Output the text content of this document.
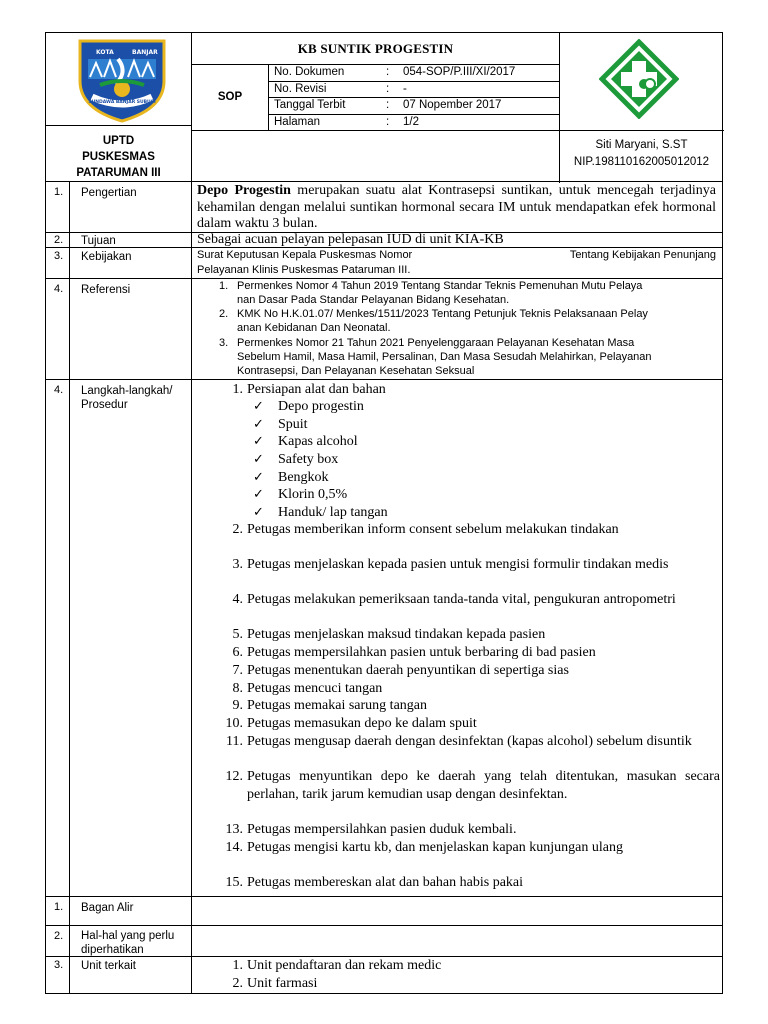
KOTA	BANJAR
SUNDAWA BANJAR SUBUSI
UPTD
PUSKESMAS
PATARUMAN III
KB SUNTIK PROGESTIN
SOP
No. Dokumen	: 054-SOP/P.III/XI/2017
No. Revisi	: -
Tanggal Terbit	: 07 Nopember 2017
Halaman	: 1/2
Siti Maryani, S.ST
NIP.198110162005012012
1. Pengertian	Depo Progestin merupakan suatu alat Kontrasepsi suntikan, untuk mencegah terjadinya kehamilan dengan melalui suntikan hormonal secara IM untuk mendapatkan efek hormonal dalam waktu 3 bulan.
2. Tujuan	Sebagai acuan pelayan pelepasan IUD di unit KIA-KB
3. Kebijakan	Surat Keputusan Kepala Puskesmas Nomor	Tentang Kebijakan Penunjang
Pelayanan Klinis Puskesmas Pataruman III.
4. Referensi	1. Permenkes Nomor 4 Tahun 2019 Tentang Standar Teknis Pemenuhan Mutu Pelaya
nan Dasar Pada Standar Pelayanan Bidang Kesehatan.
2. KMK No H.K.01.07/ Menkes/1511/2023 Tentang Petunjuk Teknis Pelaksanaan Pelay
anan Kebidanan Dan Neonatal.
3. Permenkes Nomor 21 Tahun 2021 Penyelenggaraan Pelayanan Kesehatan Masa
Sebelum Hamil, Masa Hamil, Persalinan, Dan Masa Sesudah Melahirkan, Pelayanan
Kontrasepsi, Dan Pelayanan Kesehatan Seksual
4. Langkah-langkah/ Prosedur
1. Persiapan alat dan bahan
✓ Depo progestin
✓ Spuit
✓ Kapas alcohol
✓ Safety box
✓ Bengkok
✓ Klorin 0,5%
✓ Handuk/ lap tangan
2. Petugas memberikan inform consent sebelum melakukan tindakan
3. Petugas menjelaskan kepada pasien untuk mengisi formulir tindakan medis
4. Petugas melakukan pemeriksaan tanda-tanda vital, pengukuran antropometri
5. Petugas menjelaskan maksud tindakan kepada pasien
6. Petugas mempersilahkan pasien untuk berbaring di bad pasien
7. Petugas menentukan daerah penyuntikan di sepertiga sias
8. Petugas mencuci tangan
9. Petugas memakai sarung tangan
10. Petugas memasukan depo ke dalam spuit
11. Petugas mengusap daerah dengan desinfektan (kapas alcohol) sebelum disuntik
12. Petugas menyuntikan depo ke daerah yang telah ditentukan, masukan secara perlahan, tarik jarum kemudian usap dengan desinfektan.
13. Petugas mempersilahkan pasien duduk kembali.
14. Petugas mengisi kartu kb, dan menjelaskan kapan kunjungan ulang
15. Petugas membereskan alat dan bahan habis pakai
1. Bagan Alir
2. Hal-hal yang perlu diperhatikan
3. Unit terkait	1. Unit pendaftaran dan rekam medic
2. Unit farmasi
